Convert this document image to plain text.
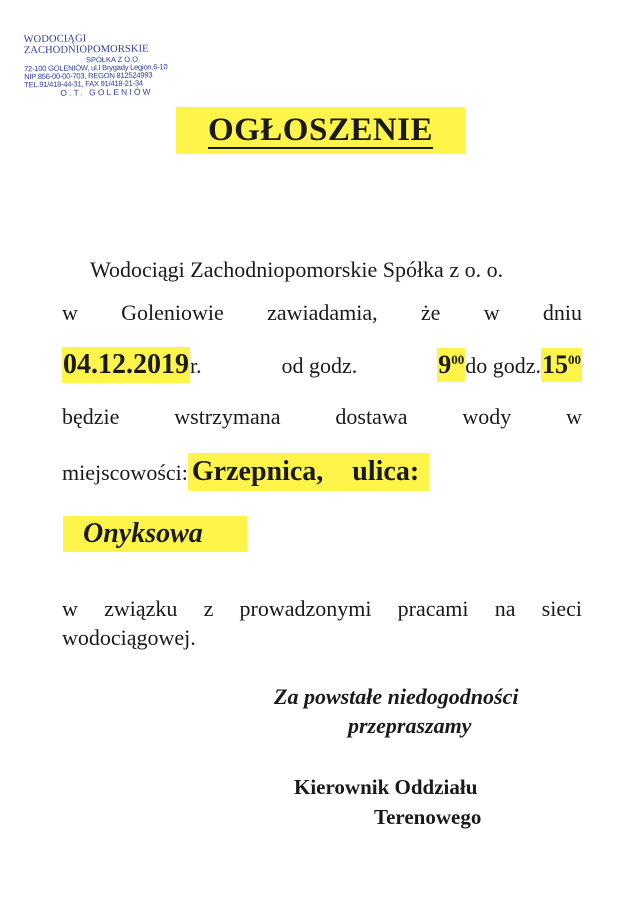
WODOCIĄGI ZACHODNIOPOMORSKIE
SPÓŁKA Z O.O.
72-100 GOLENIÓW, ul.I Brygady Legion.6-10
NIP 856-00-00-703, REGON 812524993
TEL.91/418-44-31, FAX 91/418-21-34
O.T. GOLENIÓW
OGŁOSZENIE
Wodociągi Zachodniopomorskie Spółka z o. o.
w Goleniowie zawiadamia, że w dniu
04.12.2019r.	od godz.	$9^{00}do$ $godz.15^{00}$
będzie wstrzymana dostawa wody w
miejscowości: Grzepnica, ulica:
Onyksowa
w związku z prowadzonymi pracami na sieci
wodociągowej.
Za powstałe niedogodności
przepraszamy
Kierownik Oddziału
Terenowego
